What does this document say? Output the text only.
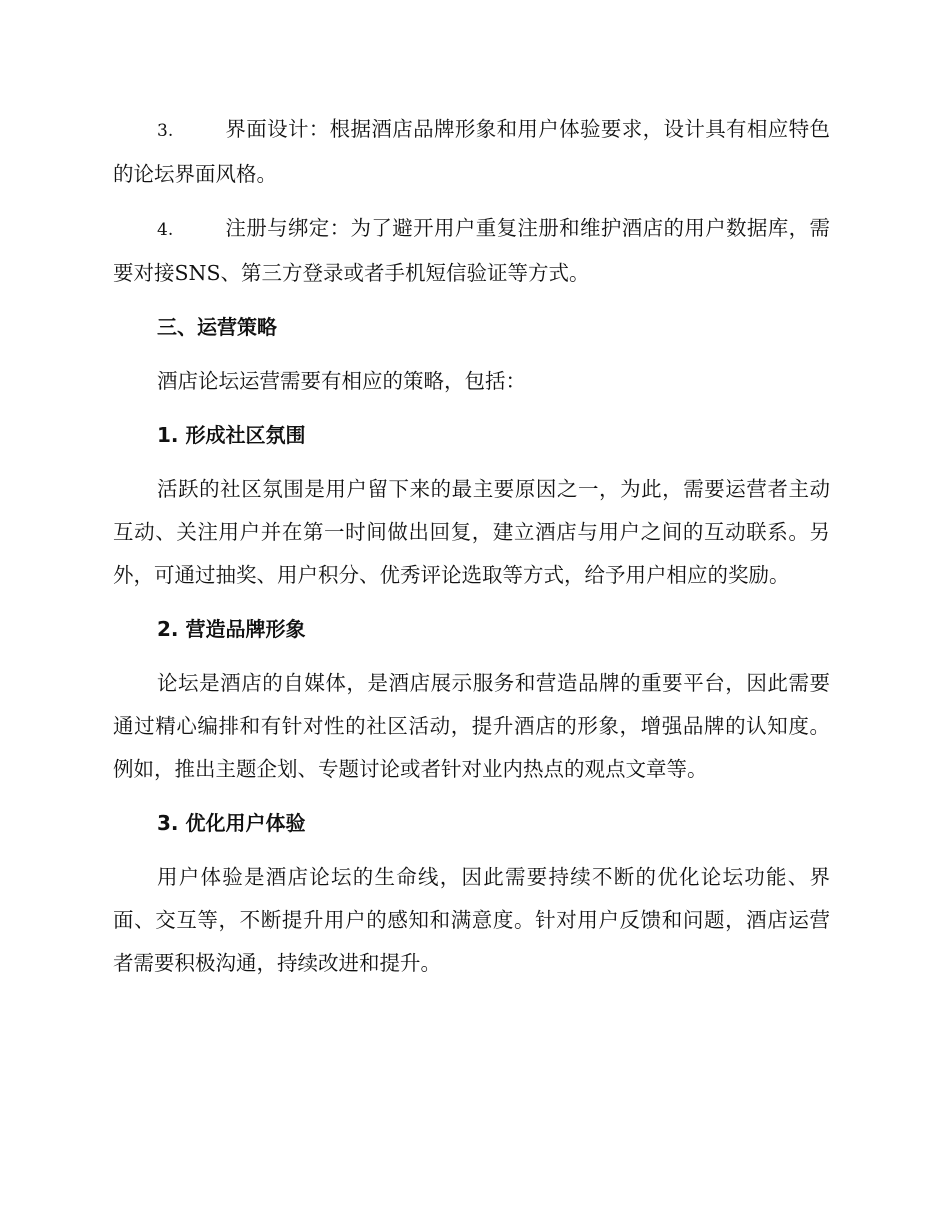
3.	界面设计：根据酒店品牌形象和用户体验要求，设计具有相应特色的论坛界面风格。

4.	注册与绑定：为了避开用户重复注册和维护酒店的用户数据库，需要对接SNS、第三方登录或者手机短信验证等方式。

三、运营策略

酒店论坛运营需要有相应的策略，包括：

1. 形成社区氛围

活跃的社区氛围是用户留下来的最主要原因之一，为此，需要运营者主动互动、关注用户并在第一时间做出回复，建立酒店与用户之间的互动联系。另外，可通过抽奖、用户积分、优秀评论选取等方式，给予用户相应的奖励。

2. 营造品牌形象

论坛是酒店的自媒体，是酒店展示服务和营造品牌的重要平台，因此需要通过精心编排和有针对性的社区活动，提升酒店的形象，增强品牌的认知度。例如，推出主题企划、专题讨论或者针对业内热点的观点文章等。

3. 优化用户体验

用户体验是酒店论坛的生命线，因此需要持续不断的优化论坛功能、界面、交互等，不断提升用户的感知和满意度。针对用户反馈和问题，酒店运营者需要积极沟通，持续改进和提升。
